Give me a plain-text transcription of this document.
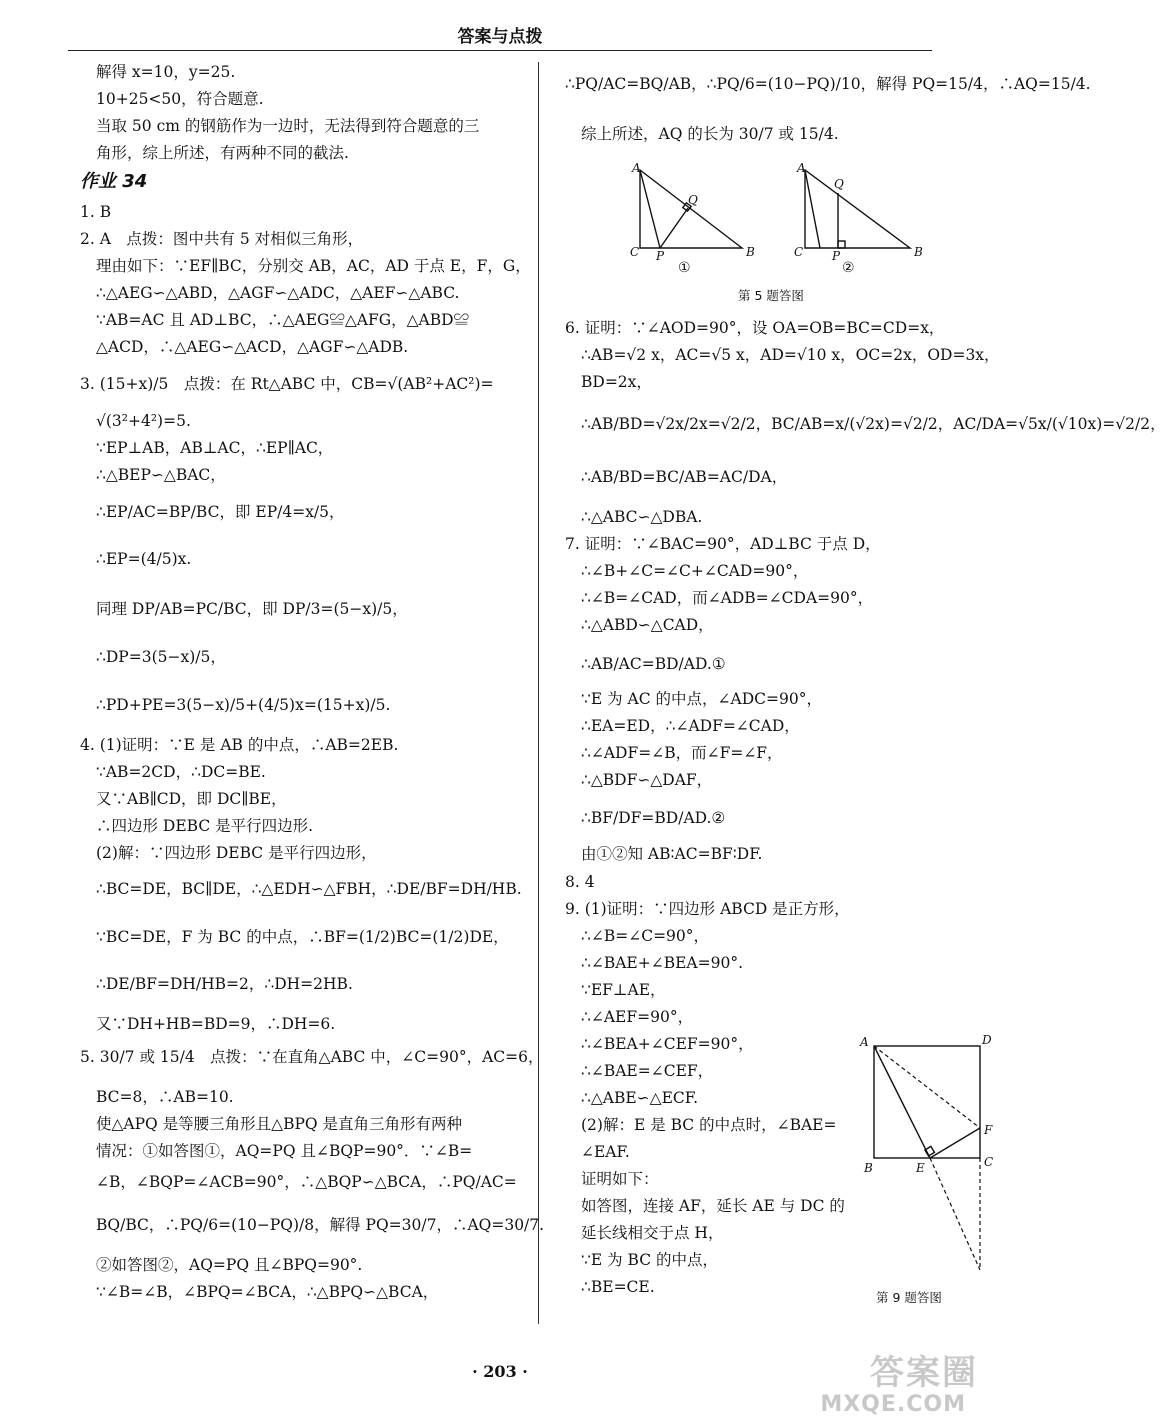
答案与点拨
解得 x=10，y=25.
10+25<50，符合题意.
当取 50 cm 的钢筋作为一边时，无法得到符合题意的三
角形，综上所述，有两种不同的截法.
作业 34
1. B
2. A　点拨：图中共有 5 对相似三角形，
理由如下：∵EF∥BC，分别交 AB，AC，AD 于点 E，F，G，
∴△AEG∽△ABD，△AGF∽△ADC，△AEF∽△ABC.
∵AB=AC 且 AD⊥BC，∴△AEG≌△AFG，△ABD≌
△ACD，∴△AEG∽△ACD，△AGF∽△ADB.
3. (15+x)/5　点拨：在 Rt△ABC 中，CB=√(AB²+AC²)=
√(3²+4²)=5.
∵EP⊥AB，AB⊥AC，∴EP∥AC，
∴△BEP∽△BAC，
∴EP/AC=BP/BC，即 EP/4=x/5，
∴EP=(4/5)x.
同理 DP/AB=PC/BC，即 DP/3=(5−x)/5，
∴DP=3(5−x)/5，
∴PD+PE=3(5−x)/5+(4/5)x=(15+x)/5.
4. (1)证明：∵E 是 AB 的中点，∴AB=2EB.
∵AB=2CD，∴DC=BE.
又∵AB∥CD，即 DC∥BE，
∴四边形 DEBC 是平行四边形.
(2)解：∵四边形 DEBC 是平行四边形，
∴BC=DE，BC∥DE，∴△EDH∽△FBH，∴DE/BF=DH/HB.
∵BC=DE，F 为 BC 的中点，∴BF=(1/2)BC=(1/2)DE，
∴DE/BF=DH/HB=2，∴DH=2HB.
又∵DH+HB=BD=9，∴DH=6.
5. 30/7 或 15/4　点拨：∵在直角△ABC 中，∠C=90°，AC=6，
BC=8，∴AB=10.
使△APQ 是等腰三角形且△BPQ 是直角三角形有两种
情况：①如答图①，AQ=PQ 且∠BQP=90°．∵∠B=
∠B，∠BQP=∠ACB=90°，∴△BQP∽△BCA，∴PQ/AC=
BQ/BC，∴PQ/6=(10−PQ)/8，解得 PQ=30/7，∴AQ=30/7.
②如答图②，AQ=PQ 且∠BPQ=90°.
∵∠B=∠B，∠BPQ=∠BCA，∴△BPQ∽△BCA，
∴PQ/AC=BQ/AB，∴PQ/6=(10−PQ)/10，解得 PQ=15/4，∴AQ=15/4.
综上所述，AQ 的长为 30/7 或 15/4.
6. 证明：∵∠AOD=90°，设 OA=OB=BC=CD=x，
∴AB=√2 x，AC=√5 x，AD=√10 x，OC=2x，OD=3x，
BD=2x，
∴AB/BD=√2x/2x=√2/2，BC/AB=x/(√2x)=√2/2，AC/DA=√5x/(√10x)=√2/2，
∴AB/BD=BC/AB=AC/DA，
∴△ABC∽△DBA.
7. 证明：∵∠BAC=90°，AD⊥BC 于点 D，
∴∠B+∠C=∠C+∠CAD=90°，
∴∠B=∠CAD，而∠ADB=∠CDA=90°，
∴△ABD∽△CAD，
∴AB/AC=BD/AD.①
∵E 为 AC 的中点，∠ADC=90°，
∴EA=ED，∴∠ADF=∠CAD，
∴∠ADF=∠B，而∠F=∠F，
∴△BDF∽△DAF，
∴BF/DF=BD/AD.②
由①②知 AB∶AC=BF∶DF.
8. 4
9. (1)证明：∵四边形 ABCD 是正方形，
∴∠B=∠C=90°，
∴∠BAE+∠BEA=90°.
∵EF⊥AE，
∴∠AEF=90°，
∴∠BEA+∠CEF=90°，
∴∠BAE=∠CEF，
∴△ABE∽△ECF.
(2)解：E 是 BC 的中点时，∠BAE=
∠EAF.
证明如下：
如答图，连接 AF，延长 AE 与 DC 的
延长线相交于点 H，
∵E 为 BC 的中点，
∴BE=CE.
A
Q
C P	B
A
Q
C P	B
①	②
第 5 题答图
A	D
B	E
F
C
第 9 题答图
· 203 ·	答案圈
MXQE.COM
